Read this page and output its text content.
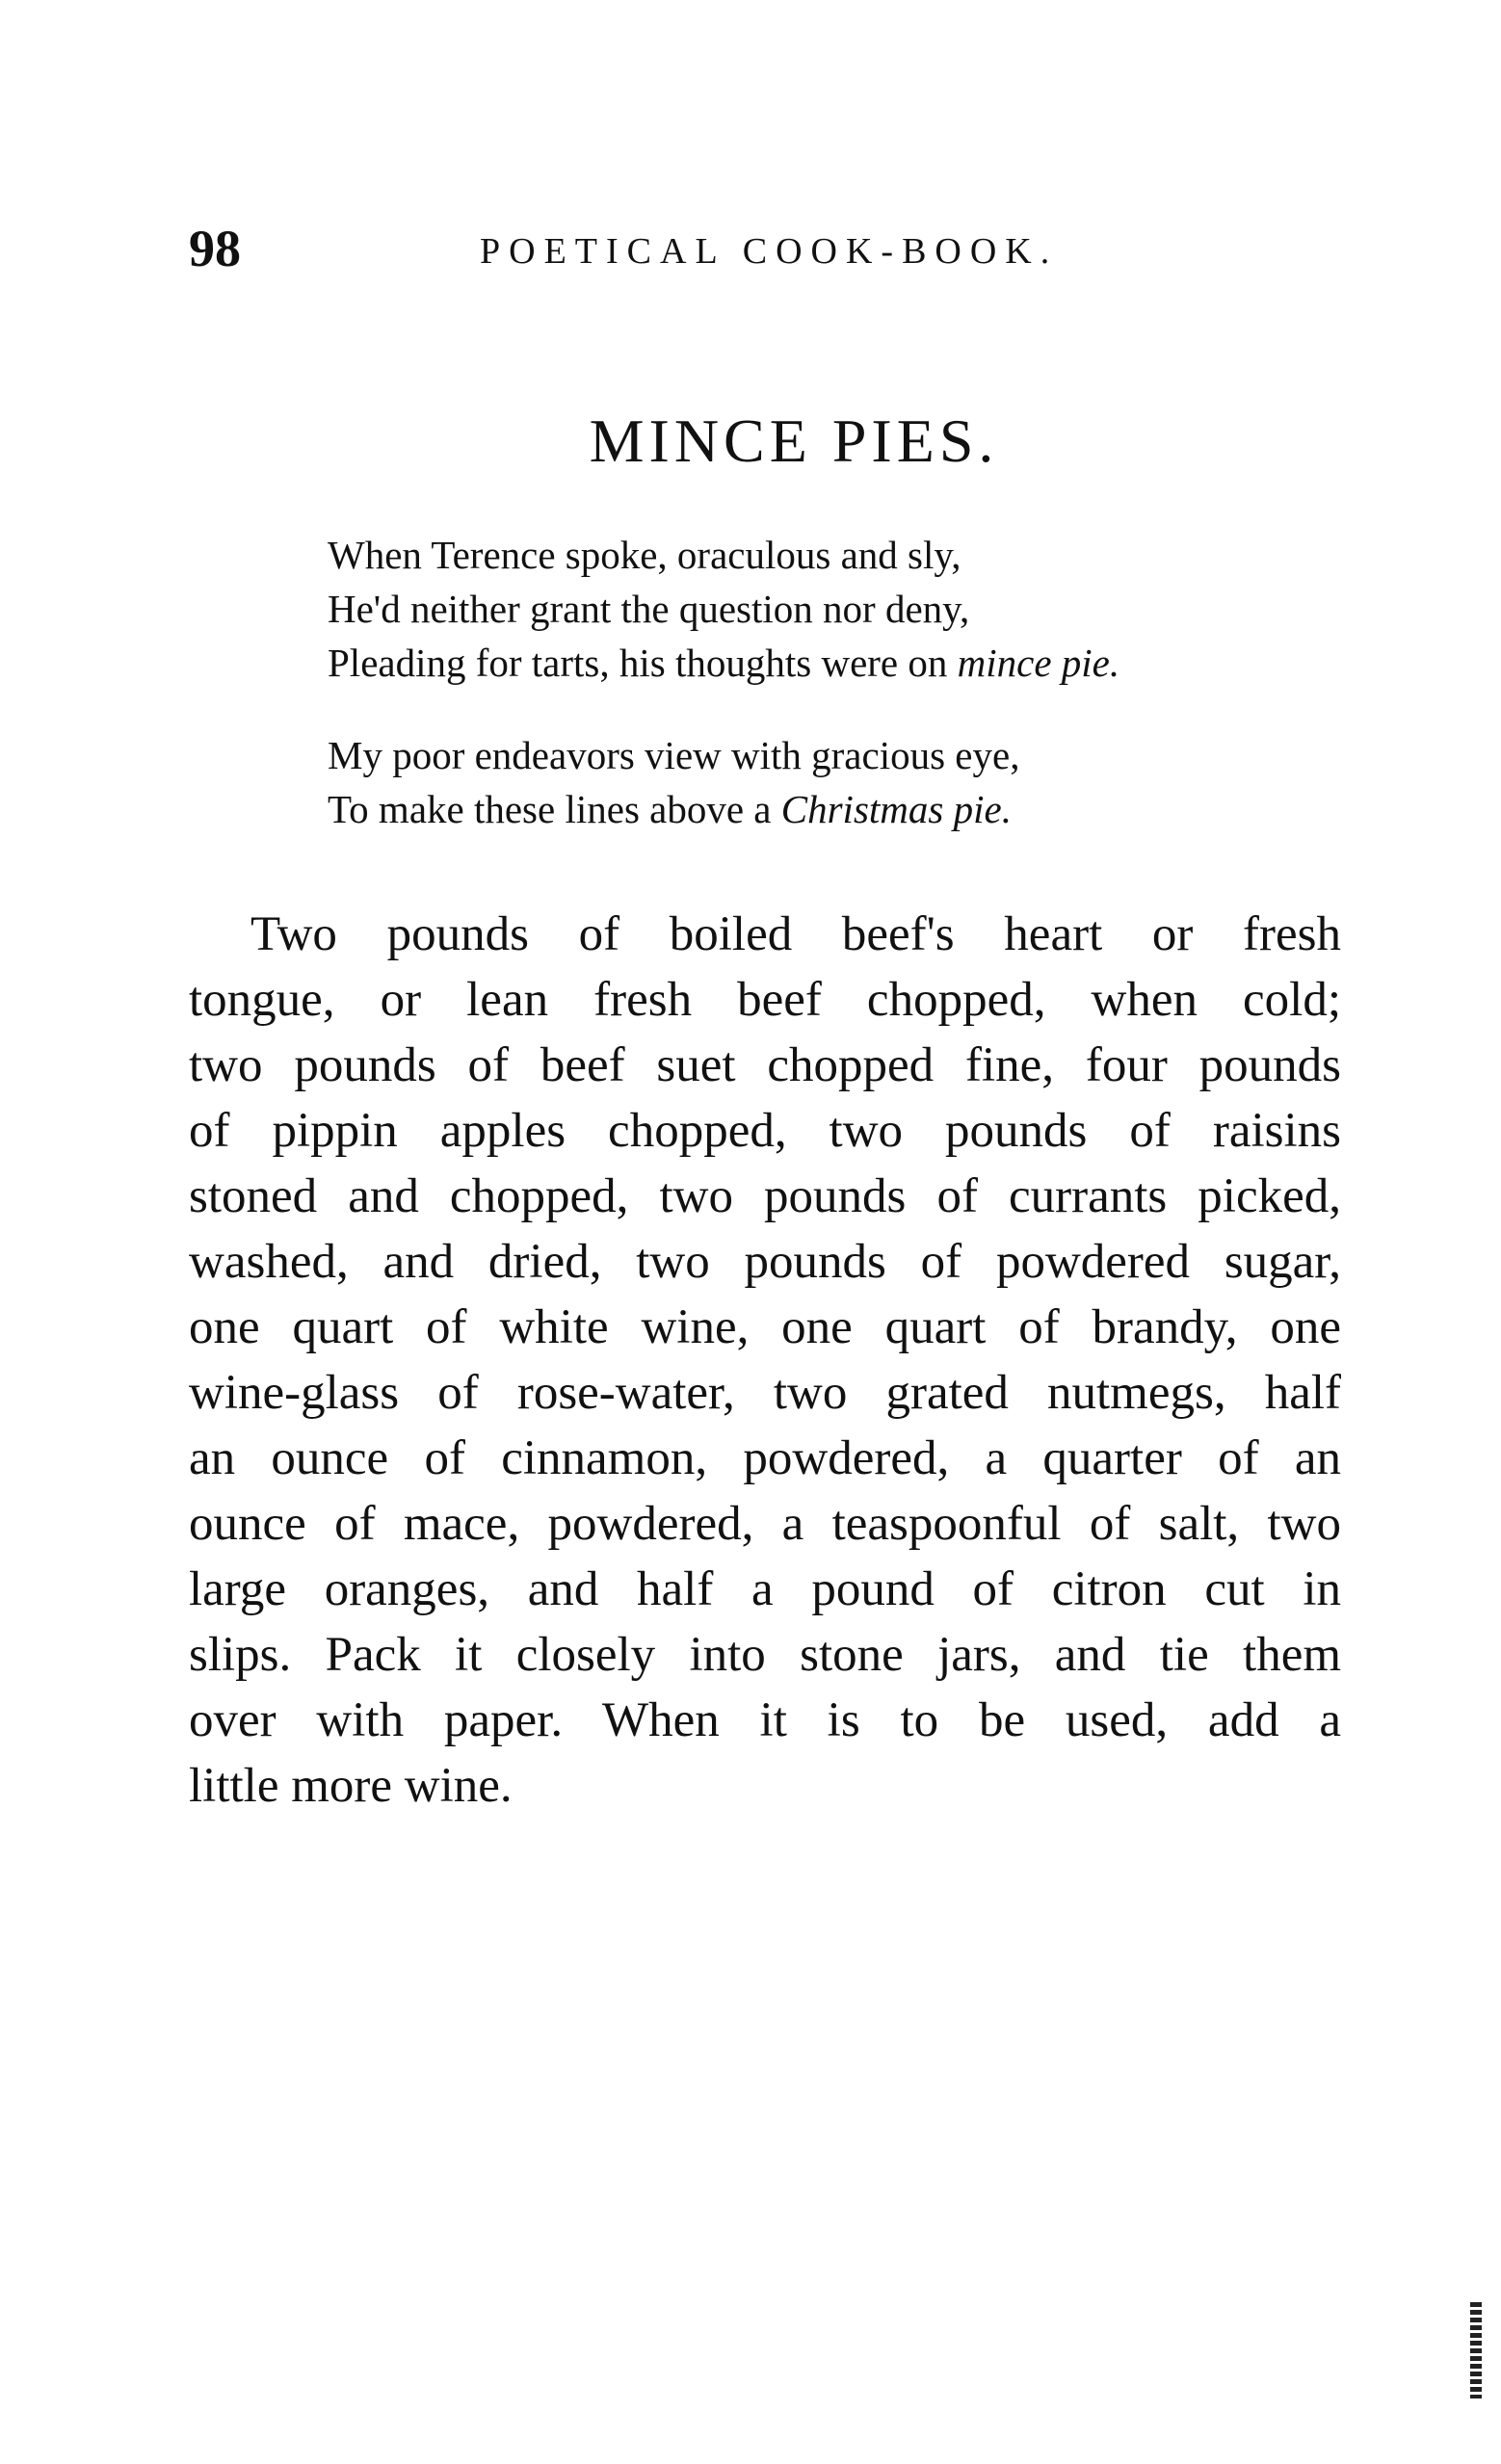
98	POETICAL COOK-BOOK.
MINCE PIES.
When Terence spoke, oraculous and sly,
He'd neither grant the question nor deny,
Pleading for tarts, his thoughts were on mince pie.
My poor endeavors view with gracious eye,
To make these lines above a Christmas pie.
Two pounds of boiled beef's heart or fresh
tongue, or lean fresh beef chopped, when cold;
two pounds of beef suet chopped fine, four pounds
of pippin apples chopped, two pounds of raisins
stoned and chopped, two pounds of currants picked,
washed, and dried, two pounds of powdered sugar,
one quart of white wine, one quart of brandy, one
wine-glass of rose-water, two grated nutmegs, half
an ounce of cinnamon, powdered, a quarter of an
ounce of mace, powdered, a teaspoonful of salt, two
large oranges, and half a pound of citron cut in
slips. Pack it closely into stone jars, and tie them
over with paper. When it is to be used, add a
little more wine.
